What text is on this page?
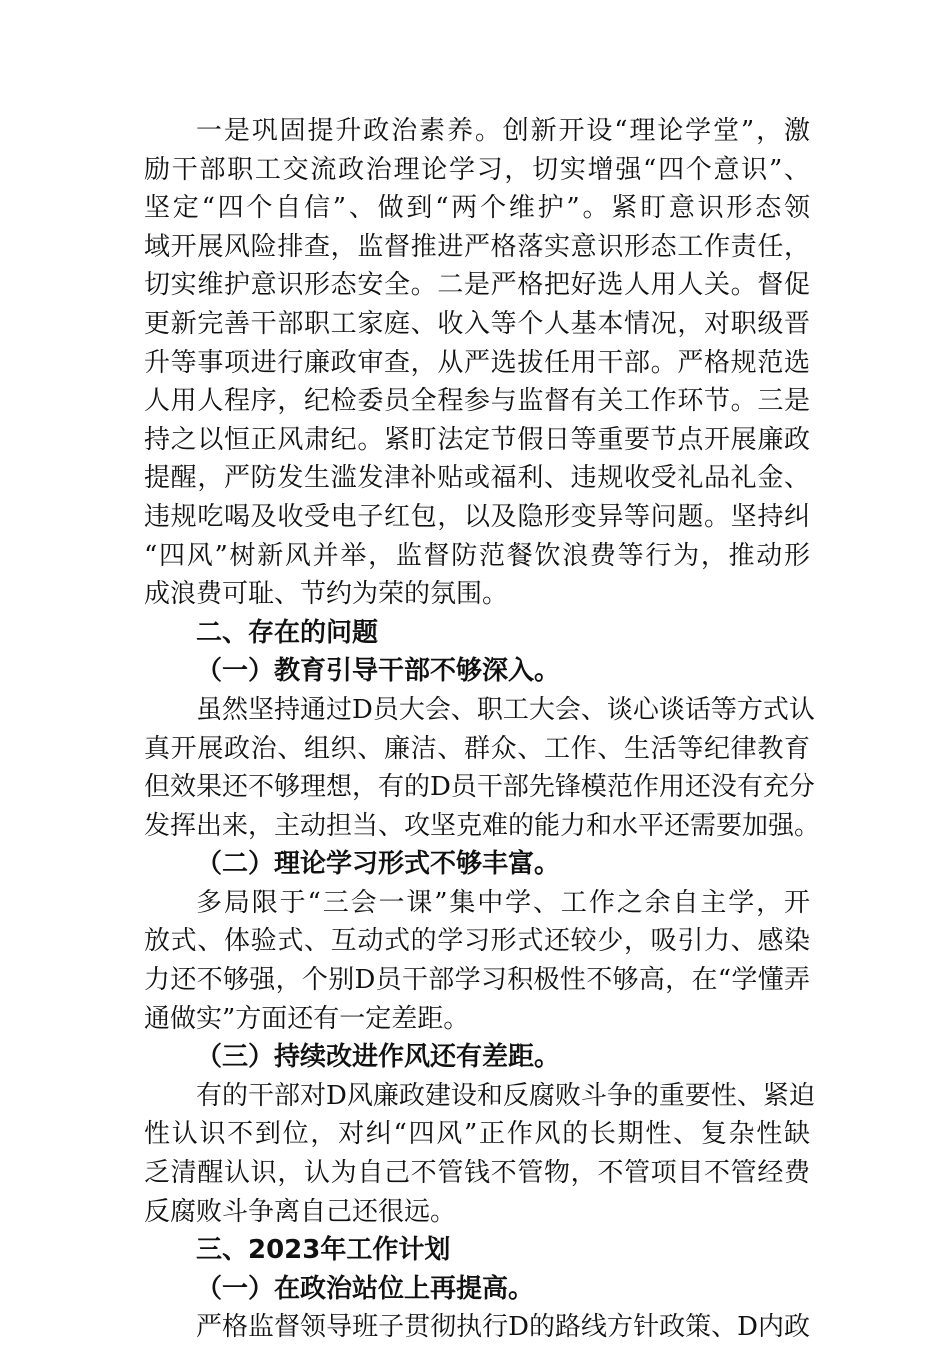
一是巩固提升政治素养。创新开设“理论学堂”，激
励干部职工交流政治理论学习，切实增强“四个意识”、
坚定“四个自信”、做到“两个维护”。紧盯意识形态领
域开展风险排查，监督推进严格落实意识形态工作责任，
切实维护意识形态安全。二是严格把好选人用人关。督促
更新完善干部职工家庭、收入等个人基本情况，对职级晋
升等事项进行廉政审查，从严选拔任用干部。严格规范选
人用人程序，纪检委员全程参与监督有关工作环节。三是
持之以恒正风肃纪。紧盯法定节假日等重要节点开展廉政
提醒，严防发生滥发津补贴或福利、违规收受礼品礼金、
违规吃喝及收受电子红包，以及隐形变异等问题。坚持纠
“四风”树新风并举，监督防范餐饮浪费等行为，推动形
成浪费可耻、节约为荣的氛围。
二、存在的问题
（一）教育引导干部不够深入。
虽然坚持通过D员大会、职工大会、谈心谈话等方式认
真开展政治、组织、廉洁、群众、工作、生活等纪律教育
但效果还不够理想，有的D员干部先锋模范作用还没有充分
发挥出来，主动担当、攻坚克难的能力和水平还需要加强。
（二）理论学习形式不够丰富。
多局限于“三会一课”集中学、工作之余自主学，开
放式、体验式、互动式的学习形式还较少，吸引力、感染
力还不够强，个别D员干部学习积极性不够高，在“学懂弄
通做实”方面还有一定差距。
（三）持续改进作风还有差距。
有的干部对D风廉政建设和反腐败斗争的重要性、紧迫
性认识不到位，对纠“四风”正作风的长期性、复杂性缺
乏清醒认识，认为自己不管钱不管物，不管项目不管经费
反腐败斗争离自己还很远。
三、2023年工作计划
（一）在政治站位上再提高。
严格监督领导班子贯彻执行D的路线方针政策、D内政
